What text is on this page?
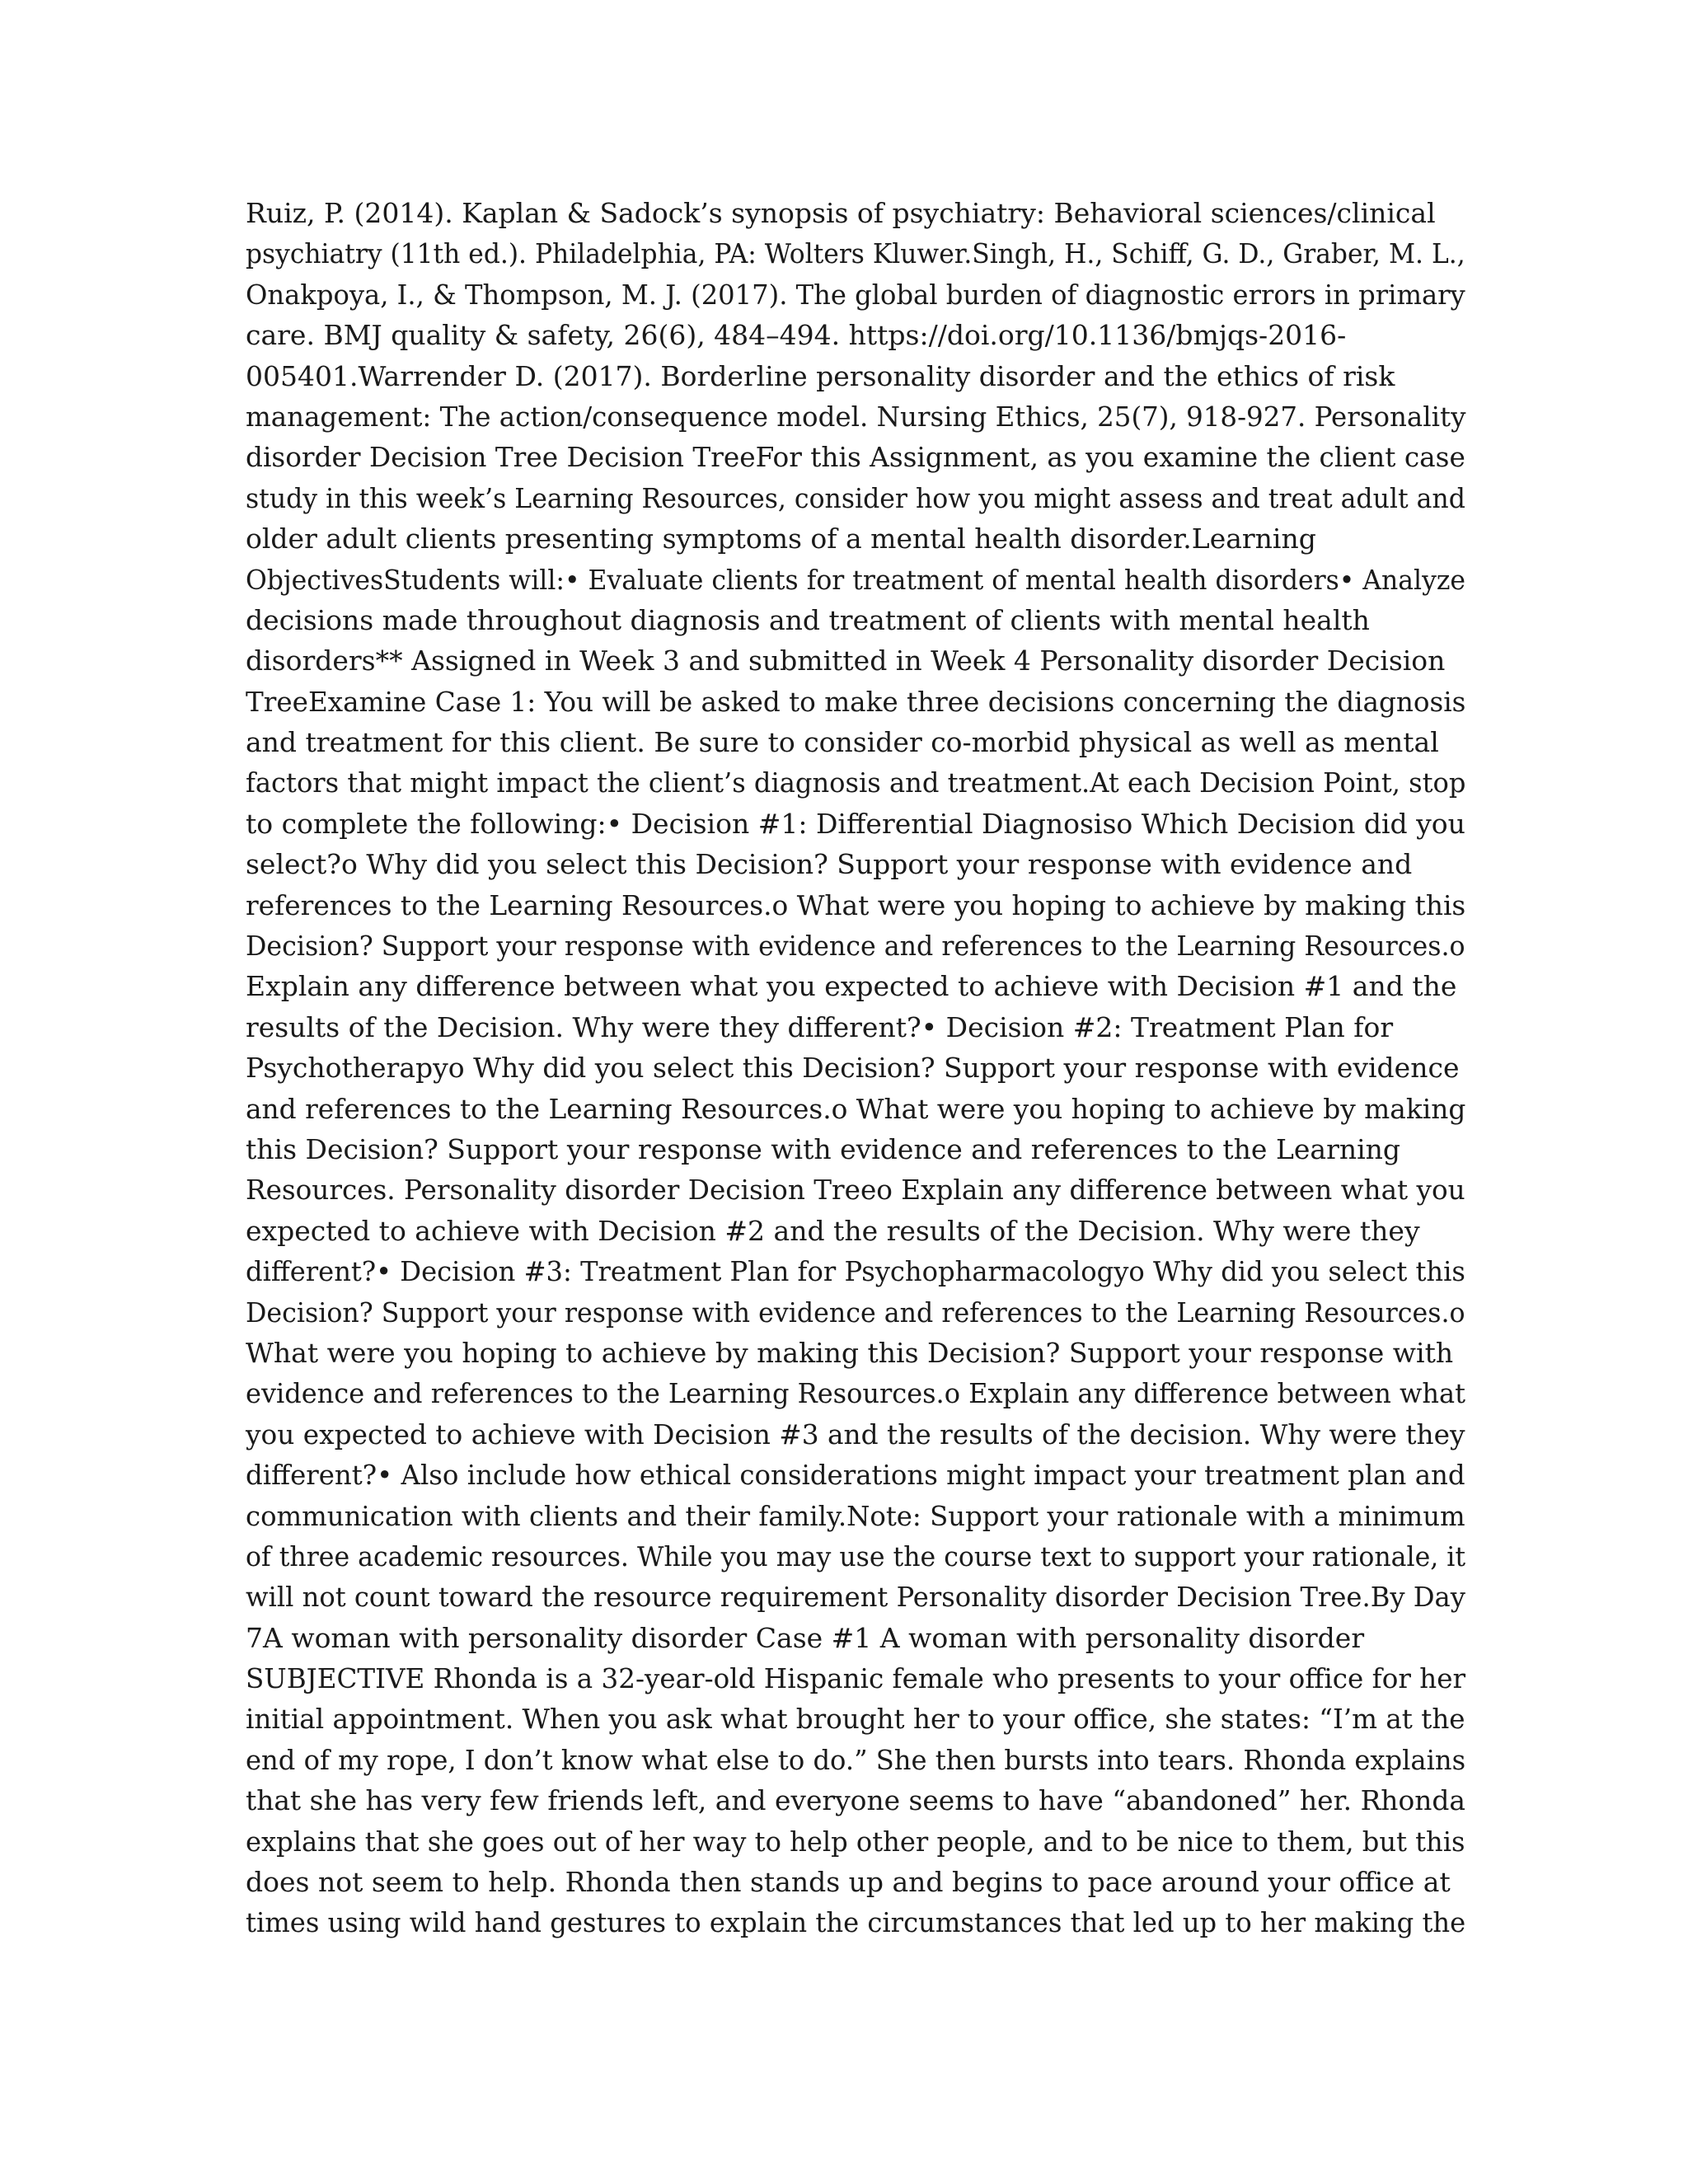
Ruiz, P. (2014). Kaplan & Sadock’s synopsis of psychiatry: Behavioral sciences/clinical
psychiatry (11th ed.). Philadelphia, PA: Wolters Kluwer.Singh, H., Schiff, G. D., Graber, M. L.,
Onakpoya, I., & Thompson, M. J. (2017). The global burden of diagnostic errors in primary
care. BMJ quality & safety, 26(6), 484–494. https://doi.org/10.1136/bmjqs-2016-
005401.Warrender D. (2017). Borderline personality disorder and the ethics of risk
management: The action/consequence model. Nursing Ethics, 25(7), 918-927. Personality
disorder Decision Tree Decision TreeFor this Assignment, as you examine the client case
study in this week’s Learning Resources, consider how you might assess and treat adult and
older adult clients presenting symptoms of a mental health disorder.Learning
ObjectivesStudents will:• Evaluate clients for treatment of mental health disorders• Analyze
decisions made throughout diagnosis and treatment of clients with mental health
disorders** Assigned in Week 3 and submitted in Week 4 Personality disorder Decision
TreeExamine Case 1: You will be asked to make three decisions concerning the diagnosis
and treatment for this client. Be sure to consider co-morbid physical as well as mental
factors that might impact the client’s diagnosis and treatment.At each Decision Point, stop
to complete the following:• Decision #1: Differential Diagnosiso Which Decision did you
select?o Why did you select this Decision? Support your response with evidence and
references to the Learning Resources.o What were you hoping to achieve by making this
Decision? Support your response with evidence and references to the Learning Resources.o
Explain any difference between what you expected to achieve with Decision #1 and the
results of the Decision. Why were they different?• Decision #2: Treatment Plan for
Psychotherapyo Why did you select this Decision? Support your response with evidence
and references to the Learning Resources.o What were you hoping to achieve by making
this Decision? Support your response with evidence and references to the Learning
Resources. Personality disorder Decision Treeo Explain any difference between what you
expected to achieve with Decision #2 and the results of the Decision. Why were they
different?• Decision #3: Treatment Plan for Psychopharmacologyo Why did you select this
Decision? Support your response with evidence and references to the Learning Resources.o
What were you hoping to achieve by making this Decision? Support your response with
evidence and references to the Learning Resources.o Explain any difference between what
you expected to achieve with Decision #3 and the results of the decision. Why were they
different?• Also include how ethical considerations might impact your treatment plan and
communication with clients and their family.Note: Support your rationale with a minimum
of three academic resources. While you may use the course text to support your rationale, it
will not count toward the resource requirement Personality disorder Decision Tree.By Day
7A woman with personality disorder Case #1 A woman with personality disorder
SUBJECTIVE Rhonda is a 32-year-old Hispanic female who presents to your office for her
initial appointment. When you ask what brought her to your office, she states: “I’m at the
end of my rope, I don’t know what else to do.” She then bursts into tears. Rhonda explains
that she has very few friends left, and everyone seems to have “abandoned” her. Rhonda
explains that she goes out of her way to help other people, and to be nice to them, but this
does not seem to help. Rhonda then stands up and begins to pace around your office at
times using wild hand gestures to explain the circumstances that led up to her making the
